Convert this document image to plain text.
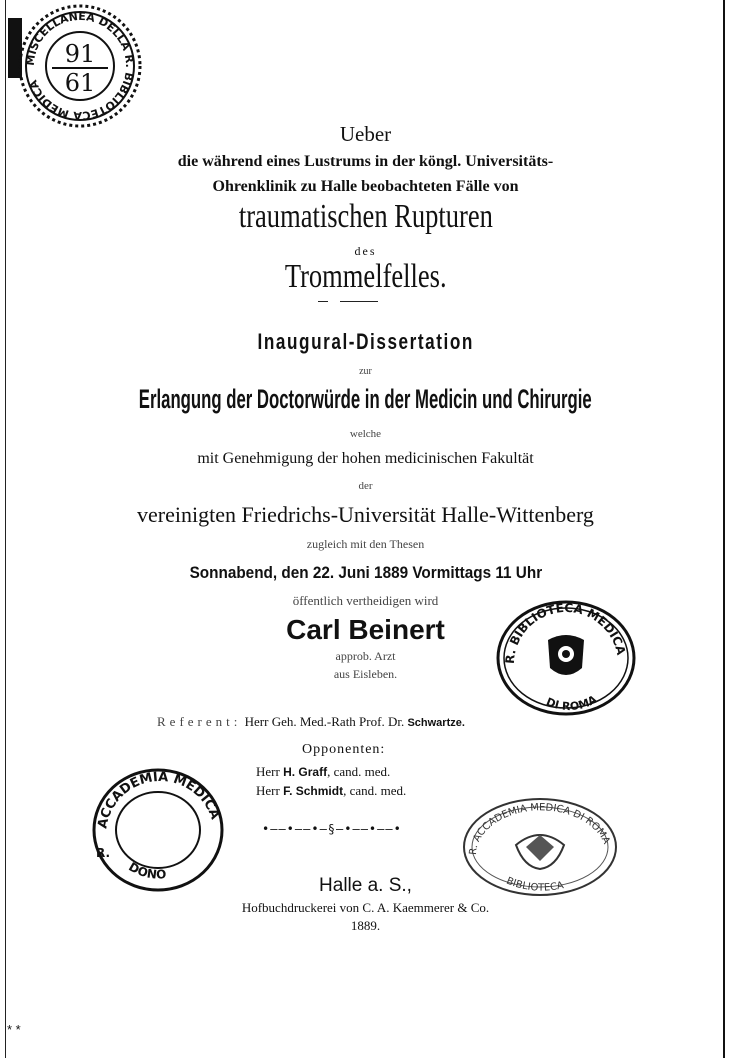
MISCELLANEA DELLA R. BIBLIOTECA MEDICA
91
61
Ueber
die während eines Lustrums in der köngl. Universitäts-
Ohrenklinik zu Halle beobachteten Fälle von
traumatischen Rupturen
des
Trommelfelles.
Inaugural-Dissertation
zur
Erlangung der Doctorwürde in der Medicin und Chirurgie
welche
mit Genehmigung der hohen medicinischen Fakultät
der
vereinigten Friedrichs-Universität Halle-Wittenberg
zugleich mit den Thesen
Sonnabend, den 22. Juni 1889 Vormittags 11 Uhr
öffentlich vertheidigen wird
Carl Beinert
approb. Arzt
aus Eisleben.
R. BIBLIOTECA MEDICA
DI ROMA
Referent: Herr Geh. Med.-Rath Prof. Dr. Schwartze.
Opponenten:
Herr H. Graff, cand. med.
Herr F. Schmidt, cand. med.
ACCADEMIA MEDICA
R.
DONO
•——•——•—§—•——•——•
R. ACCADEMIA MEDICA DI ROMA
BIBLIOTECA
Halle a. S.,
Hofbuchdruckerei von C. A. Kaemmerer & Co.
1889.
* *
